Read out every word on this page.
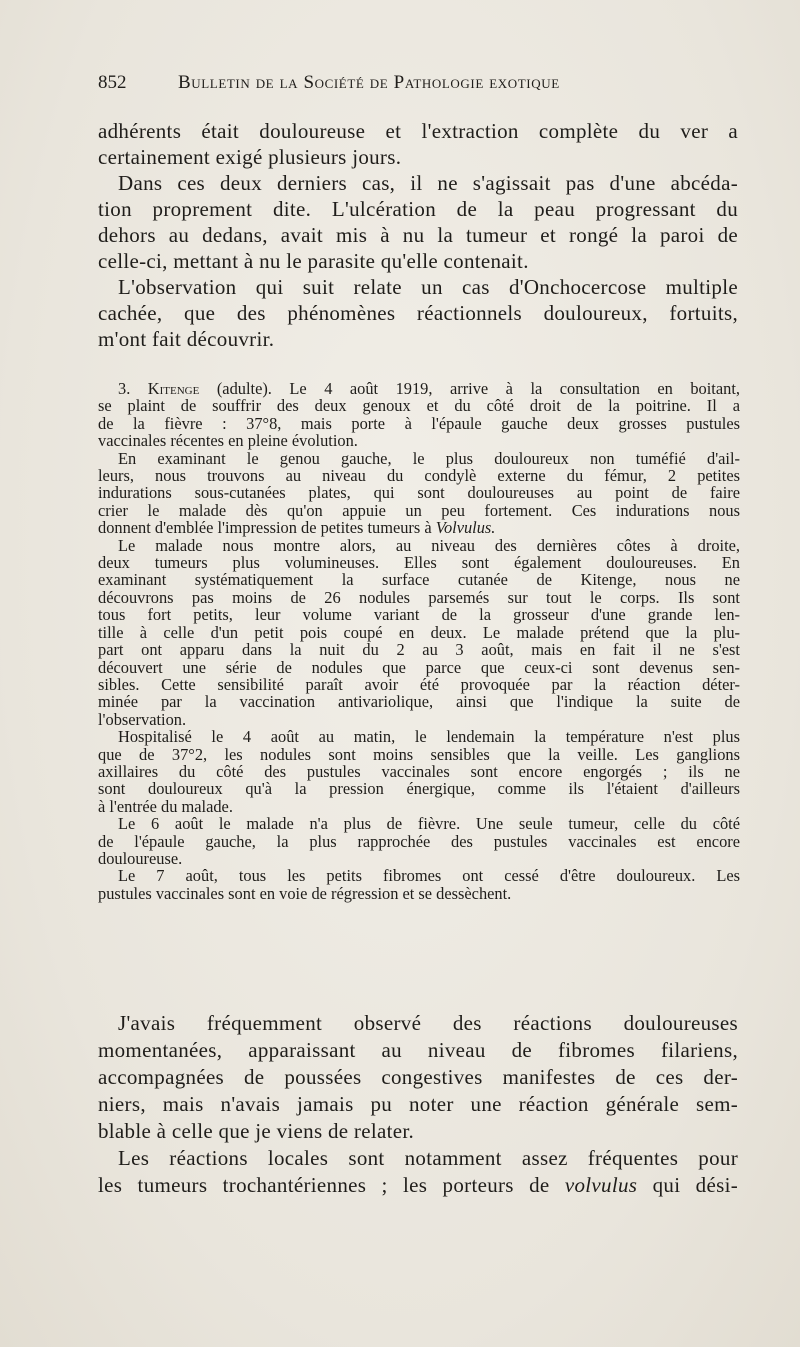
852	Bulletin de la Société de Pathologie exotique
adhérents était douloureuse et l'extraction complète du ver a
certainement exigé plusieurs jours.
Dans ces deux derniers cas, il ne s'agissait pas d'une abcéda-
tion proprement dite. L'ulcération de la peau progressant du
dehors au dedans, avait mis à nu la tumeur et rongé la paroi de
celle-ci, mettant à nu le parasite qu'elle contenait.
L'observation qui suit relate un cas d'Onchocercose multiple
cachée, que des phénomènes réactionnels douloureux, fortuits,
m'ont fait découvrir.
3. Kitenge (adulte). Le 4 août 1919, arrive à la consultation en boitant,
se plaint de souffrir des deux genoux et du côté droit de la poitrine. Il a
de la fièvre : 37°8, mais porte à l'épaule gauche deux grosses pustules
vaccinales récentes en pleine évolution.
En examinant le genou gauche, le plus douloureux non tuméfié d'ail-
leurs, nous trouvons au niveau du condylè externe du fémur, 2 petites
indurations sous-cutanées plates, qui sont douloureuses au point de faire
crier le malade dès qu'on appuie un peu fortement. Ces indurations nous
donnent d'emblée l'impression de petites tumeurs à Volvulus.
Le malade nous montre alors, au niveau des dernières côtes à droite,
deux tumeurs plus volumineuses. Elles sont également douloureuses. En
examinant systématiquement la surface cutanée de Kitenge, nous ne
découvrons pas moins de 26 nodules parsemés sur tout le corps. Ils sont
tous fort petits, leur volume variant de la grosseur d'une grande len-
tille à celle d'un petit pois coupé en deux. Le malade prétend que la plu-
part ont apparu dans la nuit du 2 au 3 août, mais en fait il ne s'est
découvert une série de nodules que parce que ceux-ci sont devenus sen-
sibles. Cette sensibilité paraît avoir été provoquée par la réaction déter-
minée par la vaccination antivariolique, ainsi que l'indique la suite de
l'observation.
Hospitalisé le 4 août au matin, le lendemain la température n'est plus
que de 37°2, les nodules sont moins sensibles que la veille. Les ganglions
axillaires du côté des pustules vaccinales sont encore engorgés ; ils ne
sont douloureux qu'à la pression énergique, comme ils l'étaient d'ailleurs
à l'entrée du malade.
Le 6 août le malade n'a plus de fièvre. Une seule tumeur, celle du côté
de l'épaule gauche, la plus rapprochée des pustules vaccinales est encore
douloureuse.
Le 7 août, tous les petits fibromes ont cessé d'être douloureux. Les
pustules vaccinales sont en voie de régression et se dessèchent.
J'avais fréquemment observé des réactions douloureuses
momentanées, apparaissant au niveau de fibromes filariens,
accompagnées de poussées congestives manifestes de ces der-
niers, mais n'avais jamais pu noter une réaction générale sem-
blable à celle que je viens de relater.
Les réactions locales sont notamment assez fréquentes pour
les tumeurs trochantériennes ; les porteurs de volvulus qui dési-
